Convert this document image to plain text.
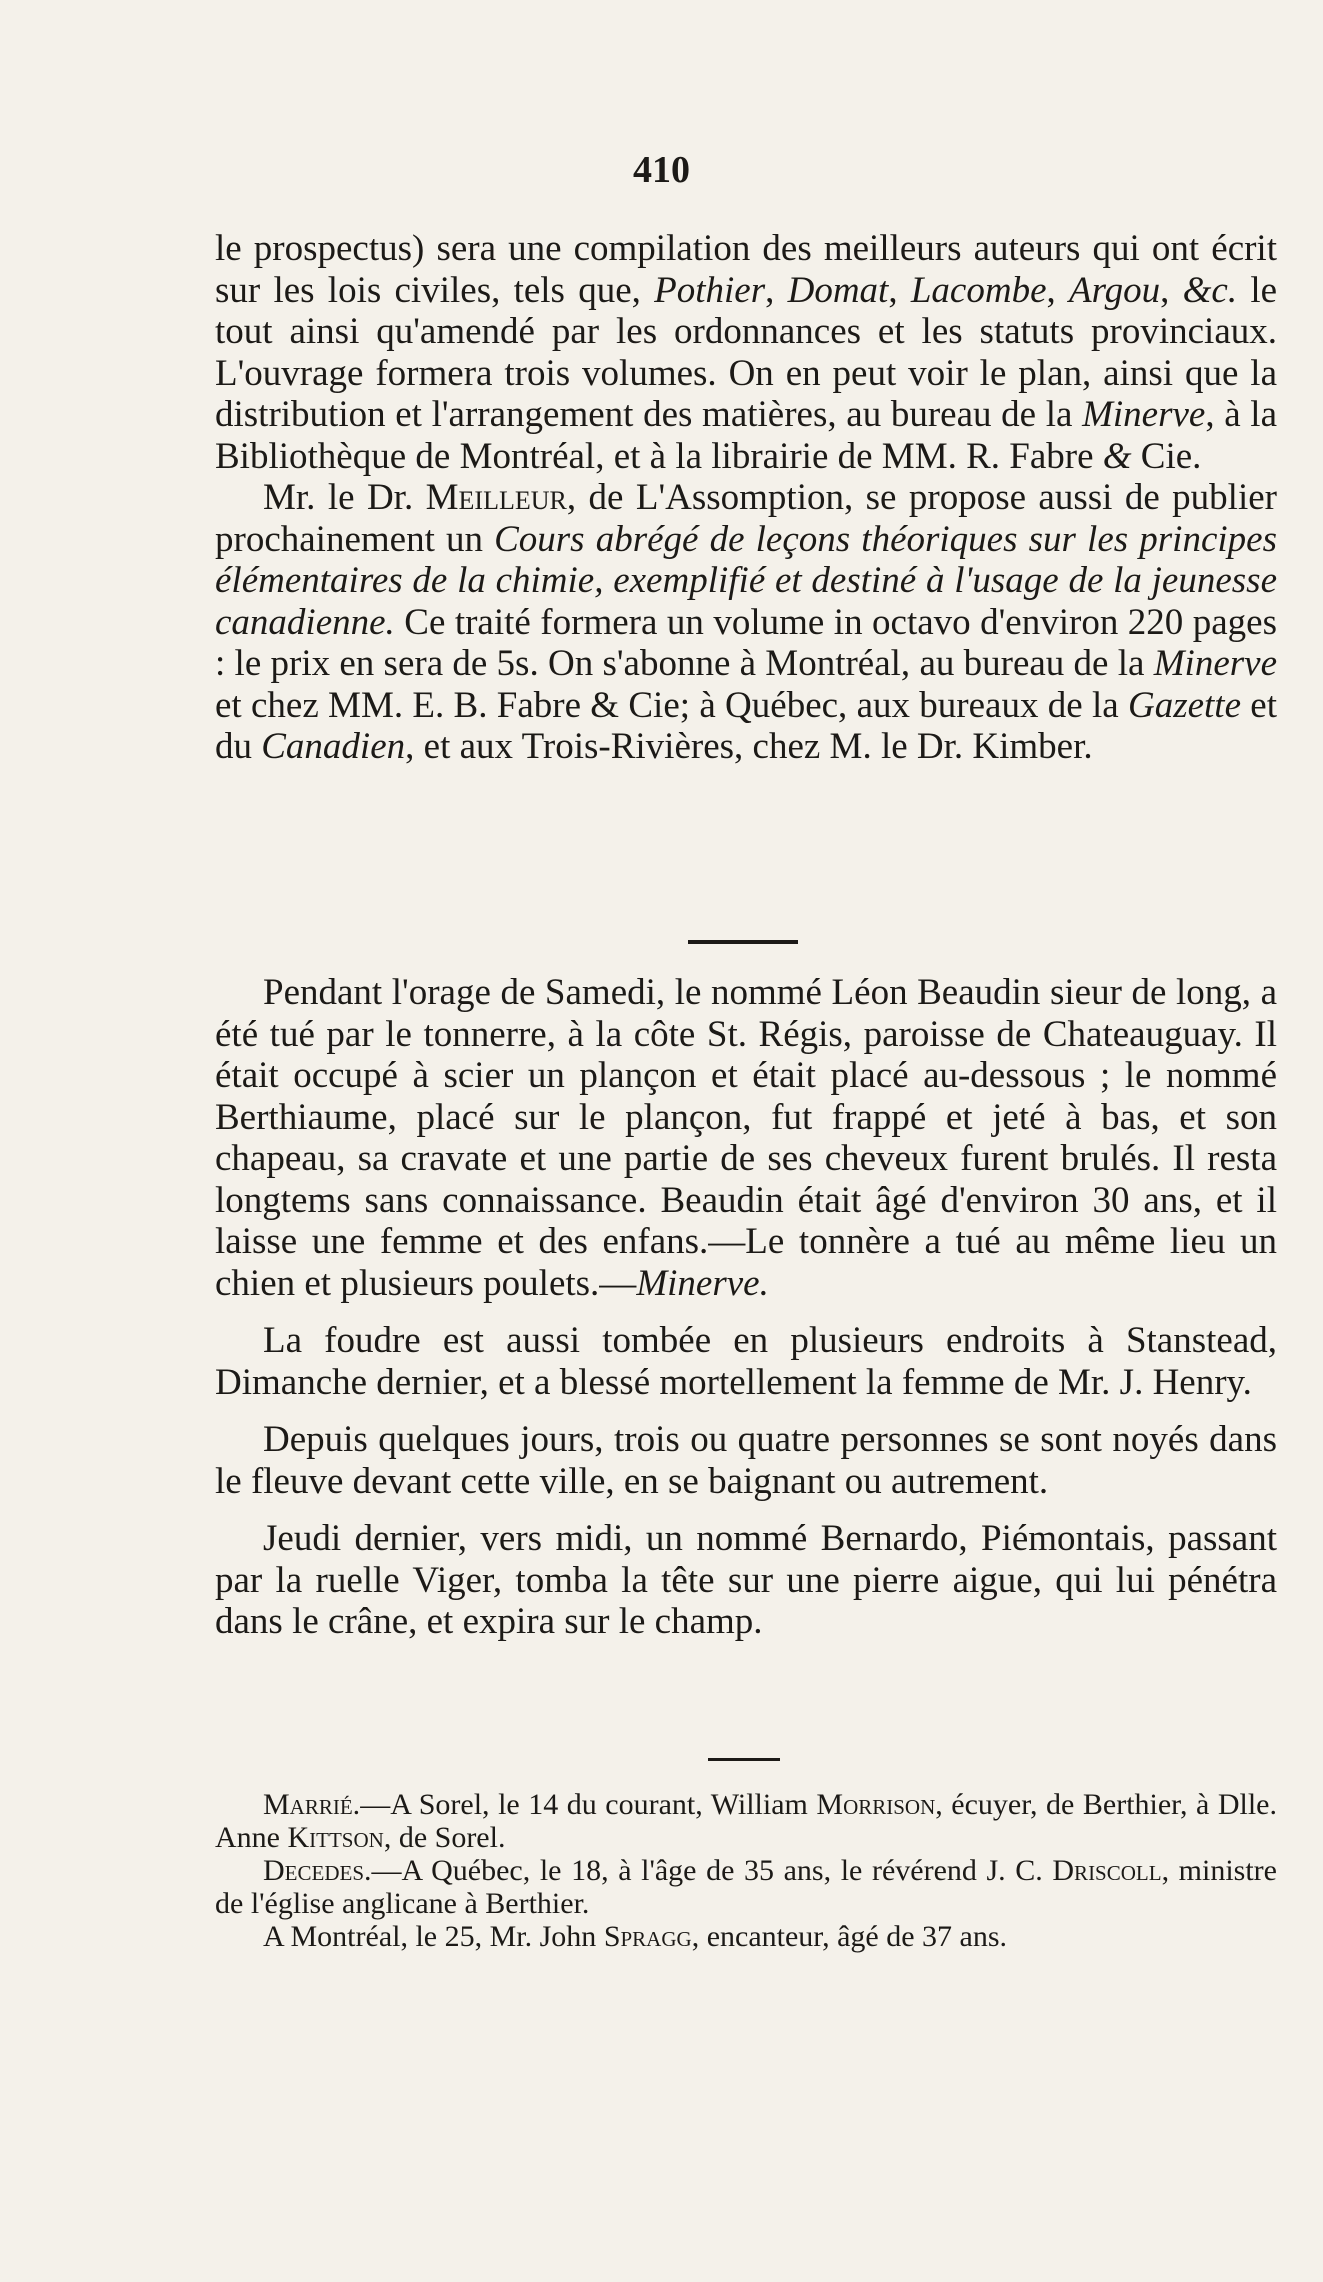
410

le prospectus) sera une compilation des meilleurs auteurs qui ont écrit sur les lois civiles, tels que, Pothier, Domat, Lacombe, Argou, &c. le tout ainsi qu'amendé par les ordonnances et les statuts provinciaux. L'ouvrage formera trois volumes. On en peut voir le plan, ainsi que la distribution et l'arrangement des matières, au bureau de la Minerve, à la Bibliothèque de Montréal, et à la librairie de MM. R. Fabre & Cie.

Mr. le Dr. Meilleur, de L'Assomption, se propose aussi de publier prochainement un Cours abrégé de leçons théoriques sur les principes élémentaires de la chimie, exemplifié et destiné à l'usage de la jeunesse canadienne. Ce traité formera un volume in octavo d'environ 220 pages : le prix en sera de 5s. On s'abonne à Montréal, au bureau de la Minerve et chez MM. E. B. Fabre & Cie; à Québec, aux bureaux de la Gazette et du Canadien, et aux Trois-Rivières, chez M. le Dr. Kimber.

Pendant l'orage de Samedi, le nommé Léon Beaudin sieur de long, a été tué par le tonnerre, à la côte St. Régis, paroisse de Chateauguay. Il était occupé à scier un plançon et était placé au-dessous ; le nommé Berthiaume, placé sur le plançon, fut frappé et jeté à bas, et son chapeau, sa cravate et une partie de ses cheveux furent brulés. Il resta longtems sans connaissance. Beaudin était âgé d'environ 30 ans, et il laisse une femme et des enfans.—Le tonnère a tué au même lieu un chien et plusieurs poulets.—Minerve.

La foudre est aussi tombée en plusieurs endroits à Stanstead, Dimanche dernier, et a blessé mortellement la femme de Mr. J. Henry.

Depuis quelques jours, trois ou quatre personnes se sont noyés dans le fleuve devant cette ville, en se baignant ou autrement.

Jeudi dernier, vers midi, un nommé Bernardo, Piémontais, passant par la ruelle Viger, tomba la tête sur une pierre aigue, qui lui pénétra dans le crâne, et expira sur le champ.

Marrié.—A Sorel, le 14 du courant, William Morrison, écuyer, de Berthier, à Dlle. Anne Kittson, de Sorel.

Decedes.—A Québec, le 18, à l'âge de 35 ans, le révérend J. C. Driscoll, ministre de l'église anglicane à Berthier.

A Montréal, le 25, Mr. John Spragg, encanteur, âgé de 37 ans.
